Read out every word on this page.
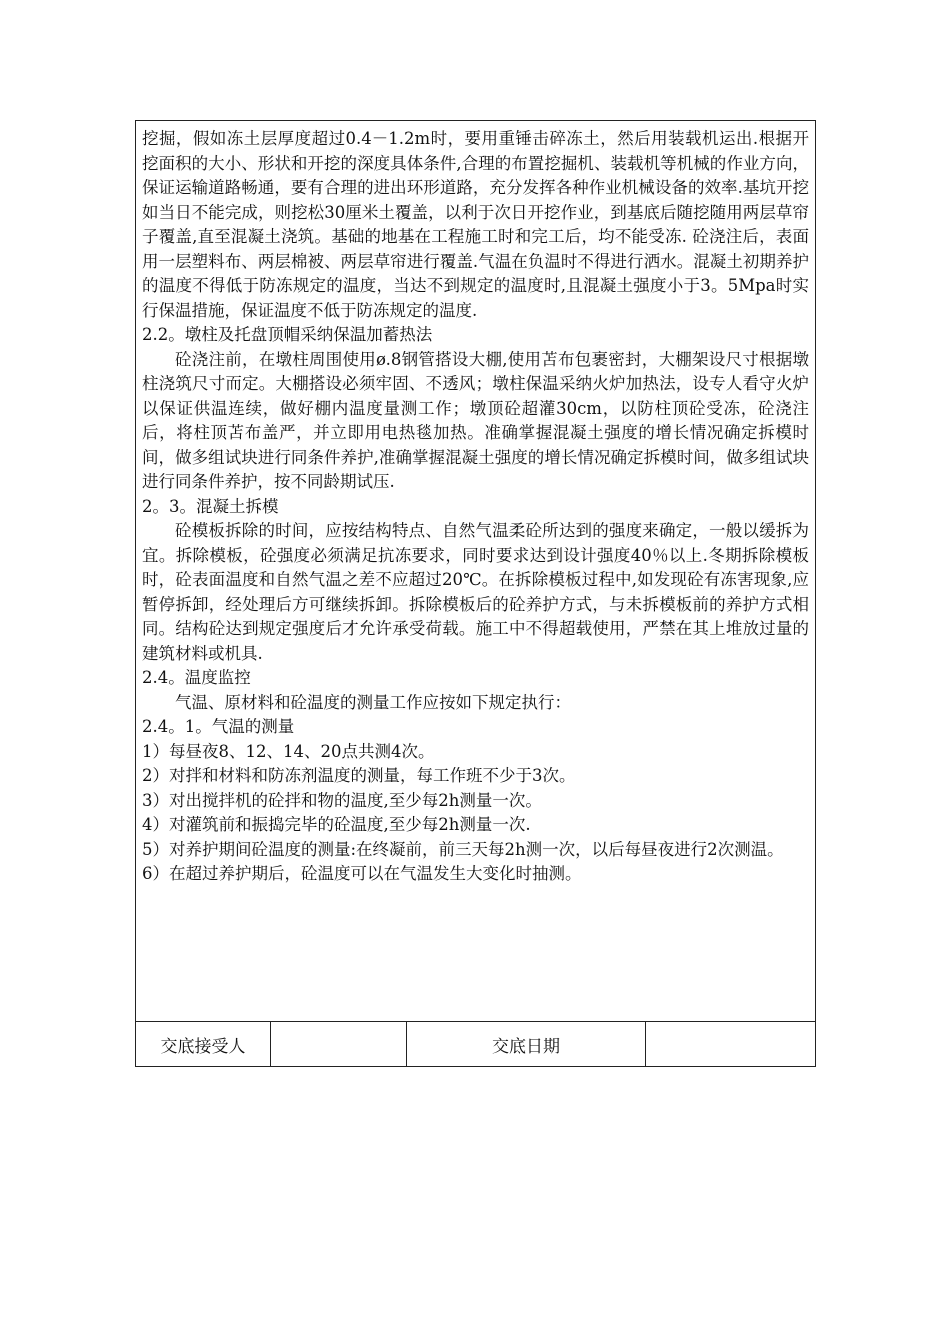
挖掘，假如冻土层厚度超过0.4－1.2m时，要用重锤击碎冻土，然后用装载机运出.根据开挖面积的大小、形状和开挖的深度具体条件,合理的布置挖掘机、装载机等机械的作业方向，保证运输道路畅通，要有合理的进出环形道路，充分发挥各种作业机械设备的效率.基坑开挖如当日不能完成，则挖松30厘米土覆盖，以利于次日开挖作业，到基底后随挖随用两层草帘子覆盖,直至混凝土浇筑。基础的地基在工程施工时和完工后，均不能受冻. 砼浇注后，表面用一层塑料布、两层棉被、两层草帘进行覆盖.气温在负温时不得进行洒水。混凝土初期养护的温度不得低于防冻规定的温度，当达不到规定的温度时,且混凝土强度小于3。5Mpa时实行保温措施，保证温度不低于防冻规定的温度.

2.2。墩柱及托盘顶帽采纳保温加蓄热法

砼浇注前，在墩柱周围使用ø.8钢管搭设大棚,使用苫布包裹密封，大棚架设尺寸根据墩柱浇筑尺寸而定。大棚搭设必须牢固、不透风；墩柱保温采纳火炉加热法，设专人看守火炉以保证供温连续，做好棚内温度量测工作；墩顶砼超灌30cm，以防柱顶砼受冻，砼浇注后，将柱顶苫布盖严，并立即用电热毯加热。准确掌握混凝土强度的增长情况确定拆模时间，做多组试块进行同条件养护,准确掌握混凝土强度的增长情况确定拆模时间，做多组试块进行同条件养护，按不同龄期试压.

2。3。混凝土拆模

砼模板拆除的时间，应按结构特点、自然气温柔砼所达到的强度来确定，一般以缓拆为宜。拆除模板，砼强度必须满足抗冻要求，同时要求达到设计强度40％以上.冬期拆除模板时，砼表面温度和自然气温之差不应超过20℃。在拆除模板过程中,如发现砼有冻害现象,应暂停拆卸，经处理后方可继续拆卸。拆除模板后的砼养护方式，与未拆模板前的养护方式相同。结构砼达到规定强度后才允许承受荷载。施工中不得超载使用，严禁在其上堆放过量的建筑材料或机具.

2.4。温度监控

气温、原材料和砼温度的测量工作应按如下规定执行：

2.4。1。气温的测量

1）每昼夜8、12、14、20点共测4次。

2）对拌和材料和防冻剂温度的测量，每工作班不少于3次。

3）对出搅拌机的砼拌和物的温度,至少每2h测量一次。

4）对灌筑前和振捣完毕的砼温度,至少每2h测量一次.

5）对养护期间砼温度的测量:在终凝前，前三天每2h测一次，以后每昼夜进行2次测温。

6）在超过养护期后，砼温度可以在气温发生大变化时抽测。

交底接受人	交底日期
